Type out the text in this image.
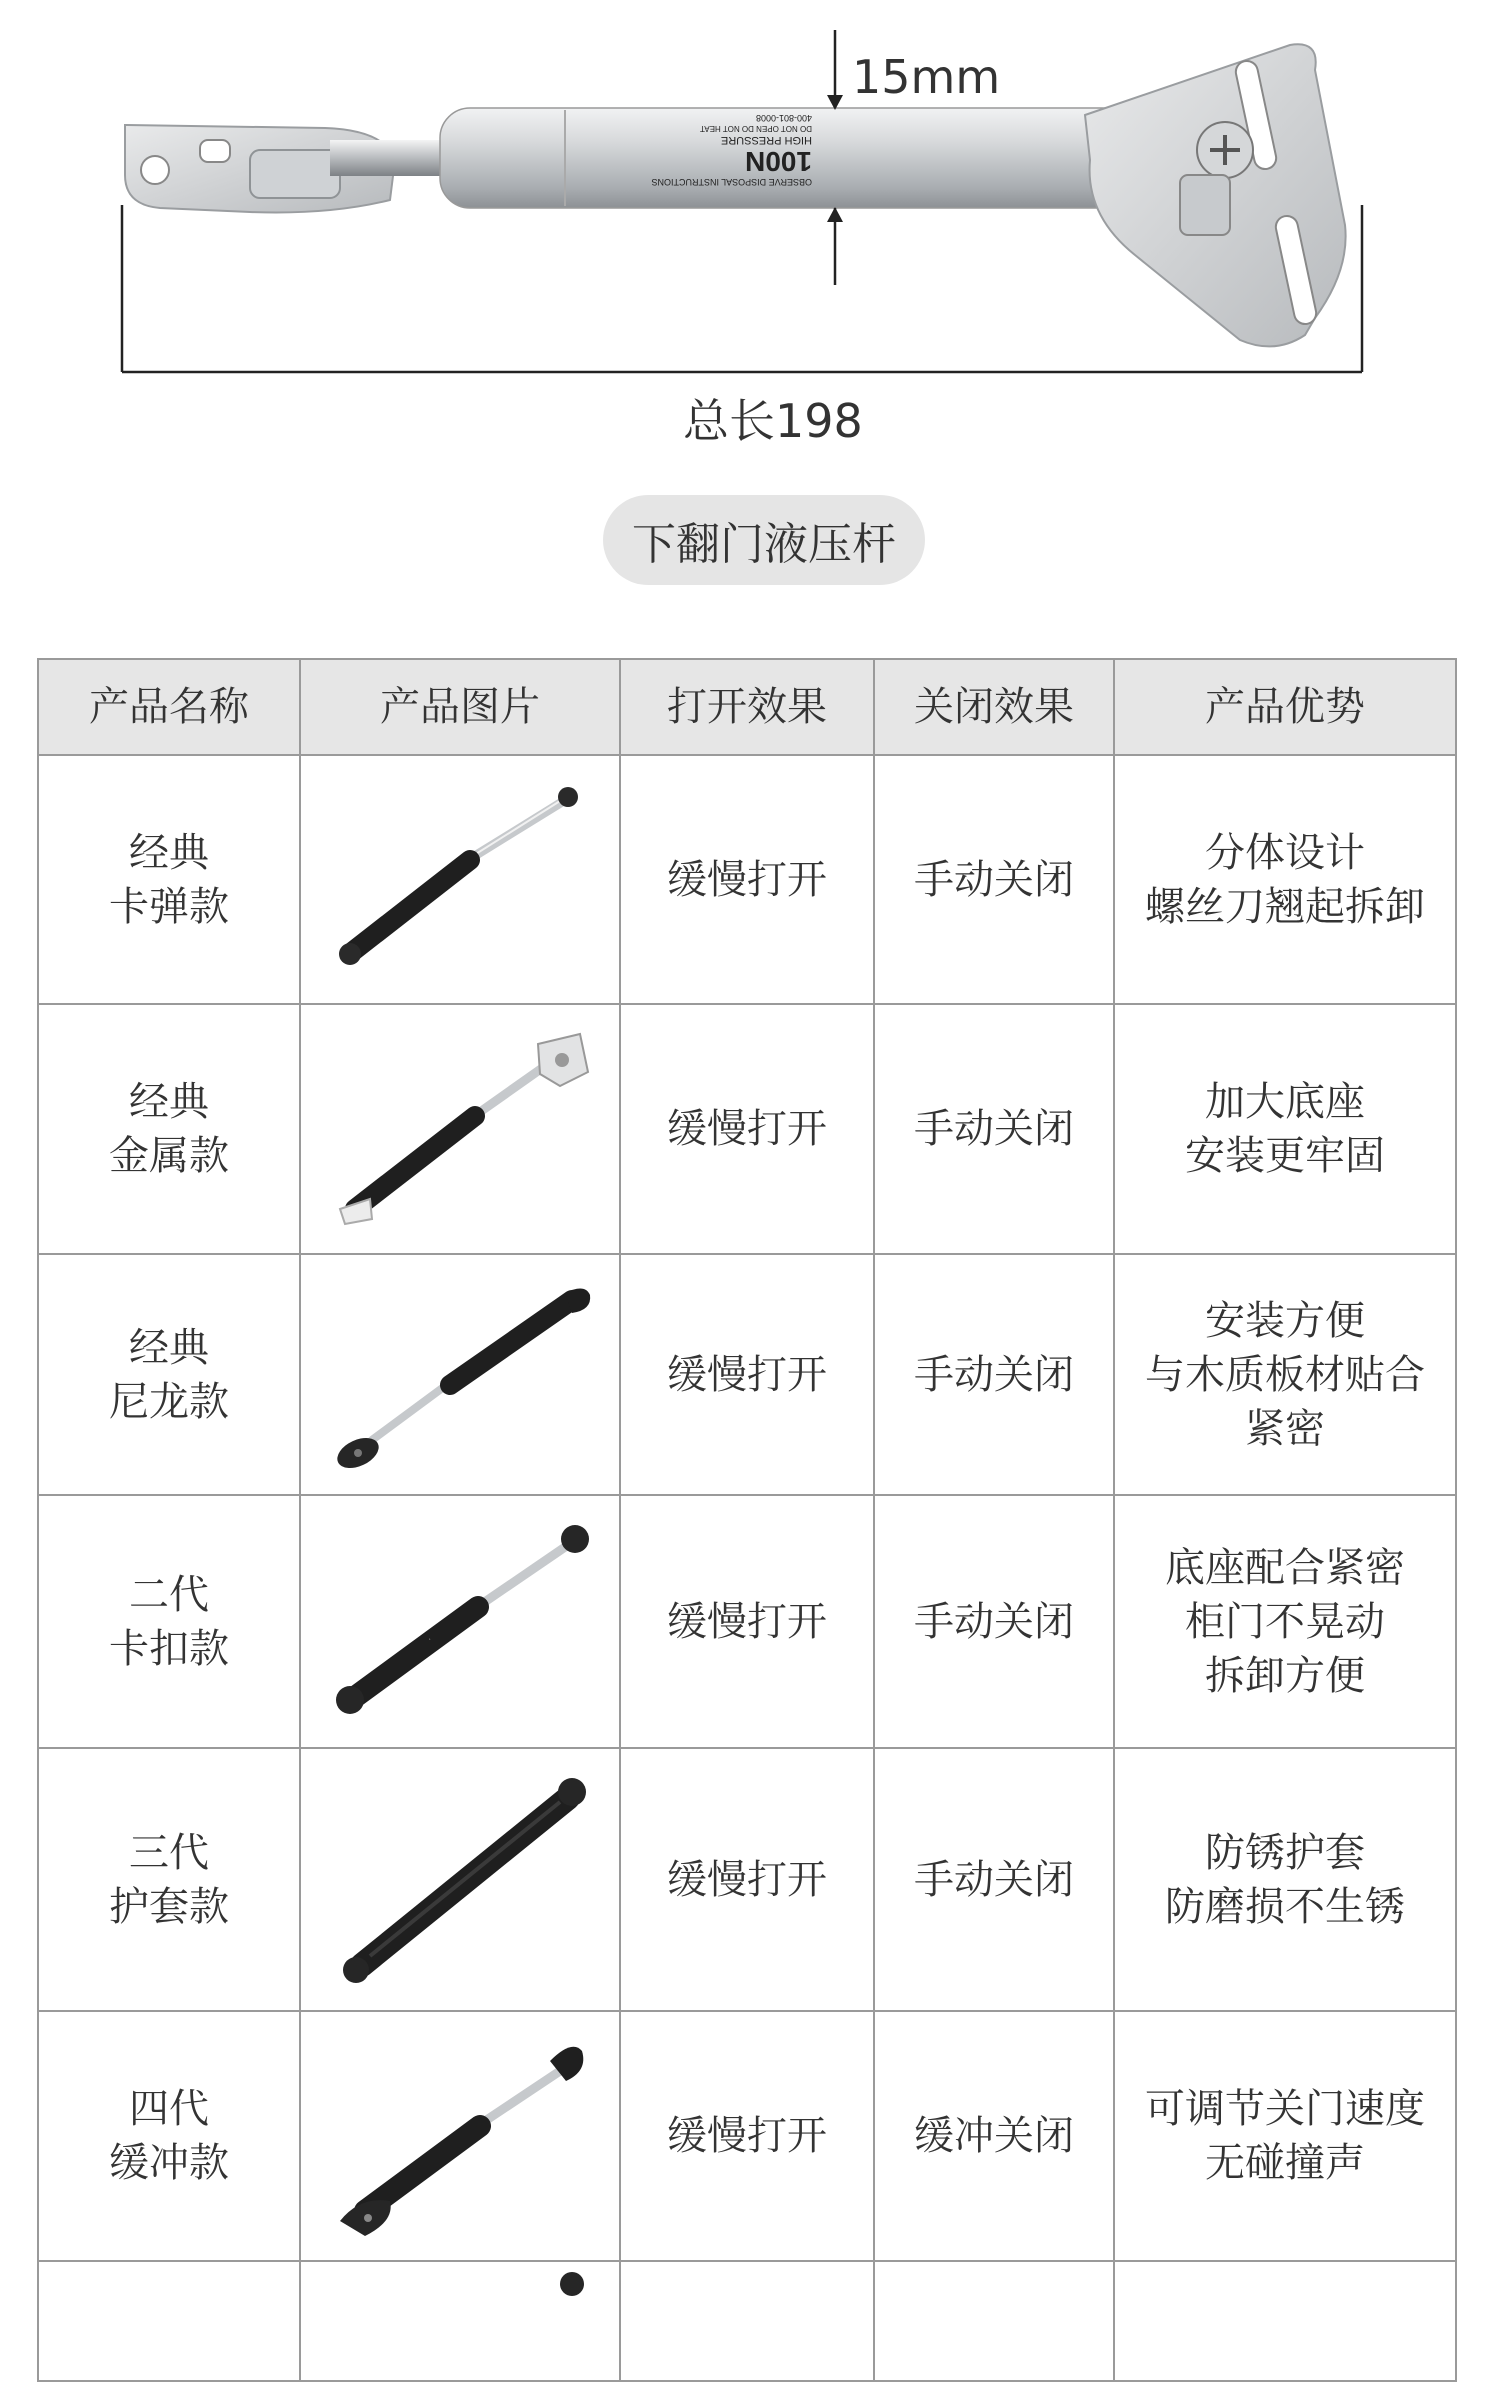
OBSERVE DISPOSAL INSTRUCTIONS
100N
HIGH PRESSURE
DO NOT OPEN DO NOT HEAT
400-801-0008
15mm
总长198
下翻门液压杆
产品名称	产品图片	打开效果	关闭效果	产品优势

经典
卡弹款		缓慢打开	手动关闭	分体设计
螺丝刀翘起拆卸

经典
金属款		缓慢打开	手动关闭	加大底座
安装更牢固

经典
尼龙款		缓慢打开	手动关闭	安装方便
与木质板材贴合
紧密

二代
卡扣款	·	缓慢打开	手动关闭	底座配合紧密
柜门不晃动
拆卸方便

三代
护套款		缓慢打开	手动关闭	防锈护套
防磨损不生锈

四代
缓冲款		缓慢打开	缓冲关闭	可调节关门速度
无碰撞声
